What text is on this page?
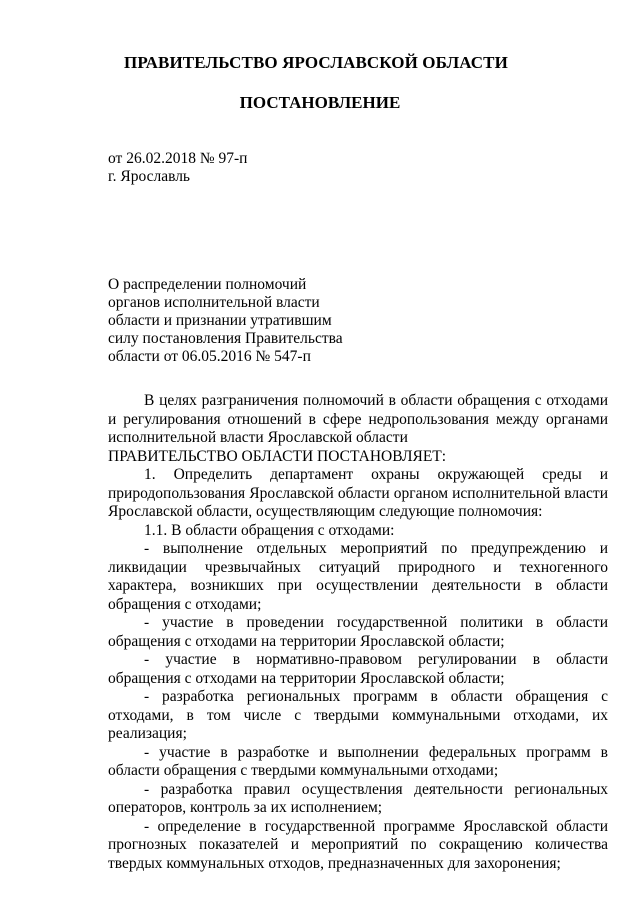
ПРАВИТЕЛЬСТВО ЯРОСЛАВСКОЙ ОБЛАСТИ
ПОСТАНОВЛЕНИЕ
от 26.02.2018 № 97-п
г. Ярославль
О распределении полномочий
органов исполнительной власти
области и признании утратившим
силу постановления Правительства
области от 06.05.2016 № 547-п

В целях разграничения полномочий в области обращения с отходами и регулирования отношений в сфере недропользования между органами исполнительной власти Ярославской области

ПРАВИТЕЛЬСТВО ОБЛАСТИ ПОСТАНОВЛЯЕТ:

1. Определить департамент охраны окружающей среды и природопользования Ярославской области органом исполнительной власти Ярославской области, осуществляющим следующие полномочия:

1.1. В области обращения с отходами:

- выполнение отдельных мероприятий по предупреждению и ликвидации чрезвычайных ситуаций природного и техногенного характера, возникших при осуществлении деятельности в области обращения с отходами;

- участие в проведении государственной политики в области обращения с отходами на территории Ярославской области;

- участие в нормативно-правовом регулировании в области обращения с отходами на территории Ярославской области;

- разработка региональных программ в области обращения с отходами, в том числе с твердыми коммунальными отходами, их реализация;

- участие в разработке и выполнении федеральных программ в области обращения с твердыми коммунальными отходами;

- разработка правил осуществления деятельности региональных операторов, контроль за их исполнением;

- определение в государственной программе Ярославской области прогнозных показателей и мероприятий по сокращению количества твердых коммунальных отходов, предназначенных для захоронения;
